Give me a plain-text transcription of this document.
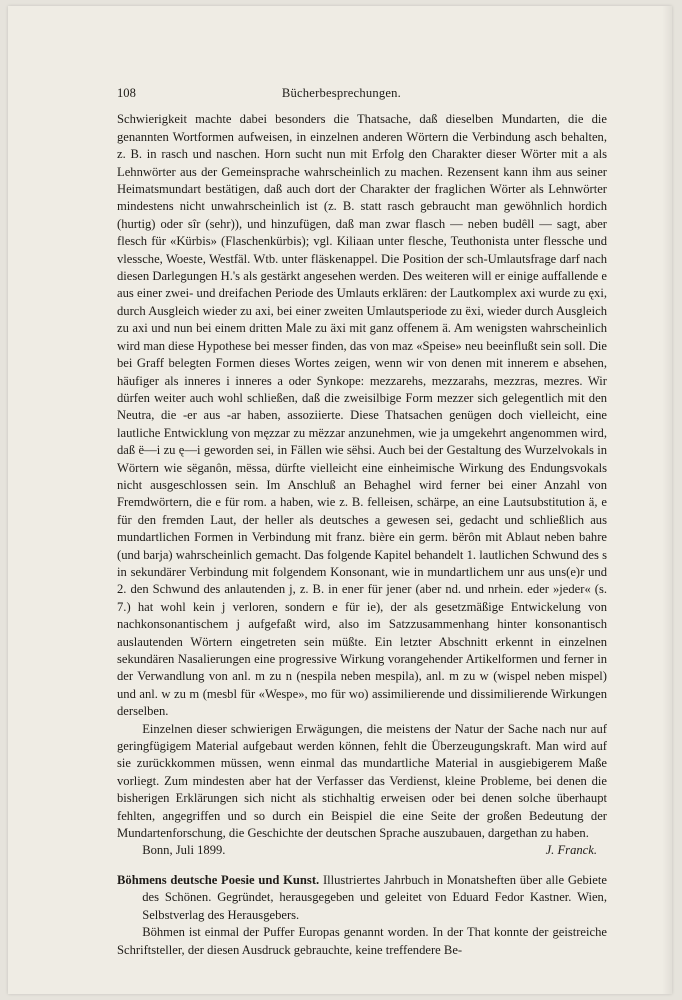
108	Bücherbesprechungen.

Schwierigkeit machte dabei besonders die Thatsache, daß dieselben Mundarten, die die genannten Wortformen aufweisen, in einzelnen anderen Wörtern die Verbindung asch behalten, z. B. in rasch und naschen. Horn sucht nun mit Erfolg den Charakter dieser Wörter mit a als Lehnwörter aus der Gemeinsprache wahrscheinlich zu machen. Rezensent kann ihm aus seiner Heimatsmundart bestätigen, daß auch dort der Charakter der fraglichen Wörter als Lehnwörter mindestens nicht unwahrscheinlich ist (z. B. statt rasch gebraucht man gewöhnlich hordich (hurtig) oder sîr (sehr)), und hinzufügen, daß man zwar flasch — neben budêll — sagt, aber flesch für «Kürbis» (Flaschenkürbis); vgl. Kiliaan unter flesche, Teuthonista unter flessche und vlessche, Woeste, Westfäl. Wtb. unter fläskenappel. Die Position der sch-Umlautsfrage darf nach diesen Darlegungen H.'s als gestärkt angesehen werden. Des weiteren will er einige auffallende e aus einer zwei- und dreifachen Periode des Umlauts erklären: der Lautkomplex axi wurde zu ęxi, durch Ausgleich wieder zu axi, bei einer zweiten Umlautsperiode zu ëxi, wieder durch Ausgleich zu axi und nun bei einem dritten Male zu äxi mit ganz offenem ä. Am wenigsten wahrscheinlich wird man diese Hypothese bei messer finden, das von maz «Speise» neu beeinflußt sein soll. Die bei Graff belegten Formen dieses Wortes zeigen, wenn wir von denen mit innerem e absehen, häufiger als inneres i inneres a oder Synkope: mezzarehs, mezzarahs, mezzras, mezres. Wir dürfen weiter auch wohl schließen, daß die zweisilbige Form mezzer sich gelegentlich mit den Neutra, die -er aus -ar haben, assoziierte. Diese Thatsachen genügen doch vielleicht, eine lautliche Entwicklung von męzzar zu mëzzar anzunehmen, wie ja umgekehrt angenommen wird, daß ë—i zu ę—i geworden sei, in Fällen wie sëhsi. Auch bei der Gestaltung des Wurzelvokals in Wörtern wie sëganôn, mëssa, dürfte vielleicht eine einheimische Wirkung des Endungsvokals nicht ausgeschlossen sein. Im Anschluß an Behaghel wird ferner bei einer Anzahl von Fremdwörtern, die e für rom. a haben, wie z. B. felleisen, schärpe, an eine Lautsubstitution ä, e für den fremden Laut, der heller als deutsches a gewesen sei, gedacht und schließlich aus mundartlichen Formen in Verbindung mit franz. bière ein germ. bërôn mit Ablaut neben bahre (und barja) wahrscheinlich gemacht. Das folgende Kapitel behandelt 1. lautlichen Schwund des s in sekundärer Verbindung mit folgendem Konsonant, wie in mundartlichem unr aus uns(e)r und 2. den Schwund des anlautenden j, z. B. in ener für jener (aber nd. und nrhein. eder »jeder« (s. 7.) hat wohl kein j verloren, sondern e für ie), der als gesetzmäßige Entwickelung von nachkonsonantischem j aufgefaßt wird, also im Satzzusammenhang hinter konsonantisch auslautenden Wörtern eingetreten sein müßte. Ein letzter Abschnitt erkennt in einzelnen sekundären Nasalierungen eine progressive Wirkung vorangehender Artikelformen und ferner in der Verwandlung von anl. m zu n (nespila neben mespila), anl. m zu w (wispel neben mispel) und anl. w zu m (mesbl für «Wespe», mo für wo) assimilierende und dissimilierende Wirkungen derselben.

Einzelnen dieser schwierigen Erwägungen, die meistens der Natur der Sache nach nur auf geringfügigem Material aufgebaut werden können, fehlt die Überzeugungskraft. Man wird auf sie zurückkommen müssen, wenn einmal das mundartliche Material in ausgiebigerem Maße vorliegt. Zum mindesten aber hat der Verfasser das Verdienst, kleine Probleme, bei denen die bisherigen Erklärungen sich nicht als stichhaltig erweisen oder bei denen solche überhaupt fehlten, angegriffen und so durch ein Beispiel die eine Seite der großen Bedeutung der Mundartenforschung, die Geschichte der deutschen Sprache auszubauen, dargethan zu haben.

Bonn, Juli 1899.	J. Franck.

Böhmens deutsche Poesie und Kunst. Illustriertes Jahrbuch in Monatsheften über alle Gebiete des Schönen. Gegründet, herausgegeben und geleitet von Eduard Fedor Kastner. Wien, Selbstverlag des Herausgebers.

Böhmen ist einmal der Puffer Europas genannt worden. In der That konnte der geistreiche Schriftsteller, der diesen Ausdruck gebrauchte, keine treffendere Be-
